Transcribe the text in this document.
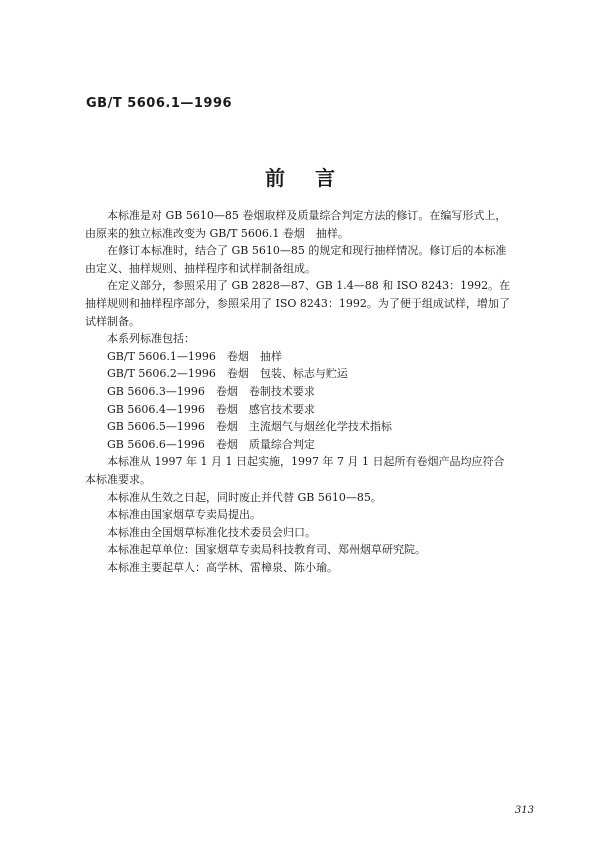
GB/T 5606.1—1996
前言

本标准是对 GB 5610—85 卷烟取样及质量综合判定方法的修订。在编写形式上，由原来的独立标准改变为 GB/T 5606.1 卷烟　抽样。

在修订本标准时，结合了 GB 5610—85 的规定和现行抽样情况。修订后的本标准由定义、抽样规则、抽样程序和试样制备组成。

在定义部分，参照采用了 GB 2828—87、GB 1.4—88 和 ISO 8243：1992。在抽样规则和抽样程序部分，参照采用了 ISO 8243：1992。为了便于组成试样，增加了试样制备。

本系列标准包括：

GB/T 5606.1—1996　卷烟　抽样

GB/T 5606.2—1996　卷烟　包装、标志与贮运

GB 5606.3—1996　卷烟　卷制技术要求

GB 5606.4—1996　卷烟　感官技术要求

GB 5606.5—1996　卷烟　主流烟气与烟丝化学技术指标

GB 5606.6—1996　卷烟　质量综合判定

本标准从 1997 年 1 月 1 日起实施，1997 年 7 月 1 日起所有卷烟产品均应符合本标准要求。

本标准从生效之日起，同时废止并代替 GB 5610—85。

本标准由国家烟草专卖局提出。

本标准由全国烟草标准化技术委员会归口。

本标准起草单位：国家烟草专卖局科技教育司、郑州烟草研究院。

本标准主要起草人：高学林、雷樟泉、陈小瑜。

313
